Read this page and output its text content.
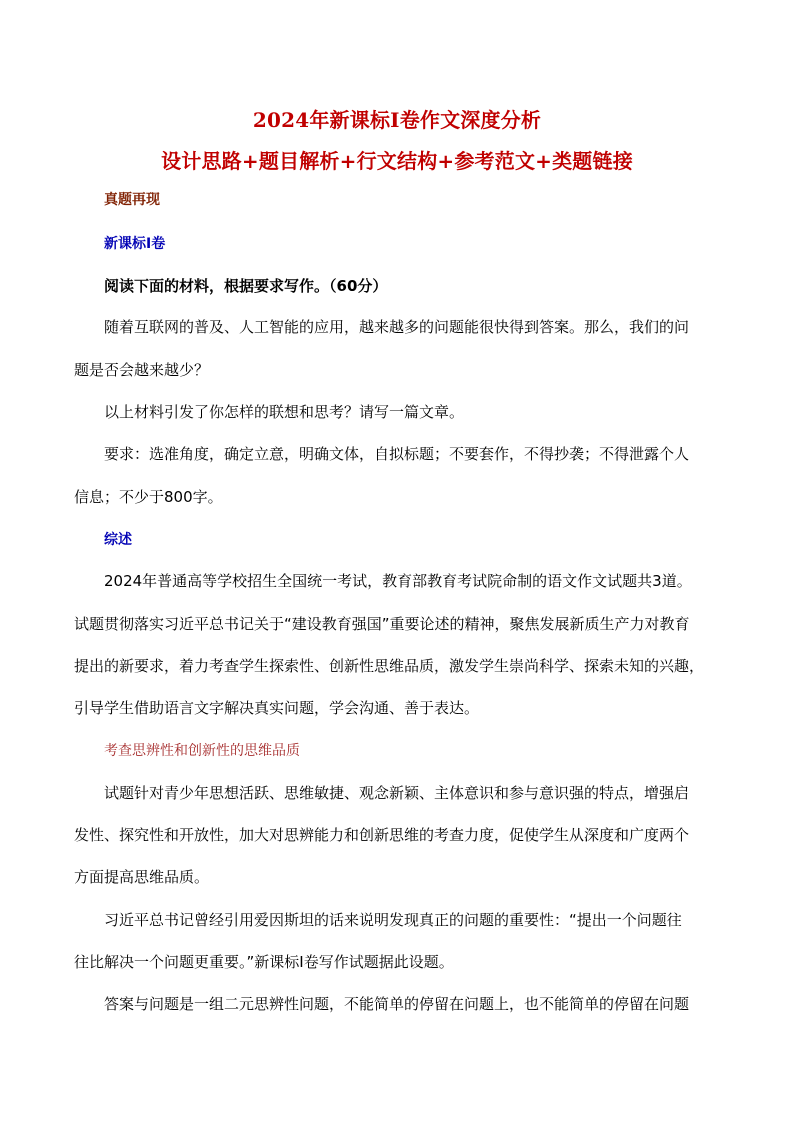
2024年新课标Ⅰ卷作文深度分析
设计思路+题目解析+行文结构+参考范文+类题链接
真题再现
新课标Ⅰ卷
阅读下面的材料，根据要求写作。（60分）
随着互联网的普及、人工智能的应用，越来越多的问题能很快得到答案。那么，我们的问
题是否会越来越少？
以上材料引发了你怎样的联想和思考？请写一篇文章。
要求：选准角度，确定立意，明确文体，自拟标题；不要套作，不得抄袭；不得泄露个人
信息；不少于800字。
综述
2024年普通高等学校招生全国统一考试，教育部教育考试院命制的语文作文试题共3道。
试题贯彻落实习近平总书记关于“建设教育强国”重要论述的精神，聚焦发展新质生产力对教育
提出的新要求，着力考查学生探索性、创新性思维品质，激发学生崇尚科学、探索未知的兴趣，
引导学生借助语言文字解决真实问题，学会沟通、善于表达。
考查思辨性和创新性的思维品质
试题针对青少年思想活跃、思维敏捷、观念新颖、主体意识和参与意识强的特点，增强启
发性、探究性和开放性，加大对思辨能力和创新思维的考查力度，促使学生从深度和广度两个
方面提高思维品质。
习近平总书记曾经引用爱因斯坦的话来说明发现真正的问题的重要性：“提出一个问题往
往比解决一个问题更重要。”新课标Ⅰ卷写作试题据此设题。
答案与问题是一组二元思辨性问题，不能简单的停留在问题上，也不能简单的停留在问题
